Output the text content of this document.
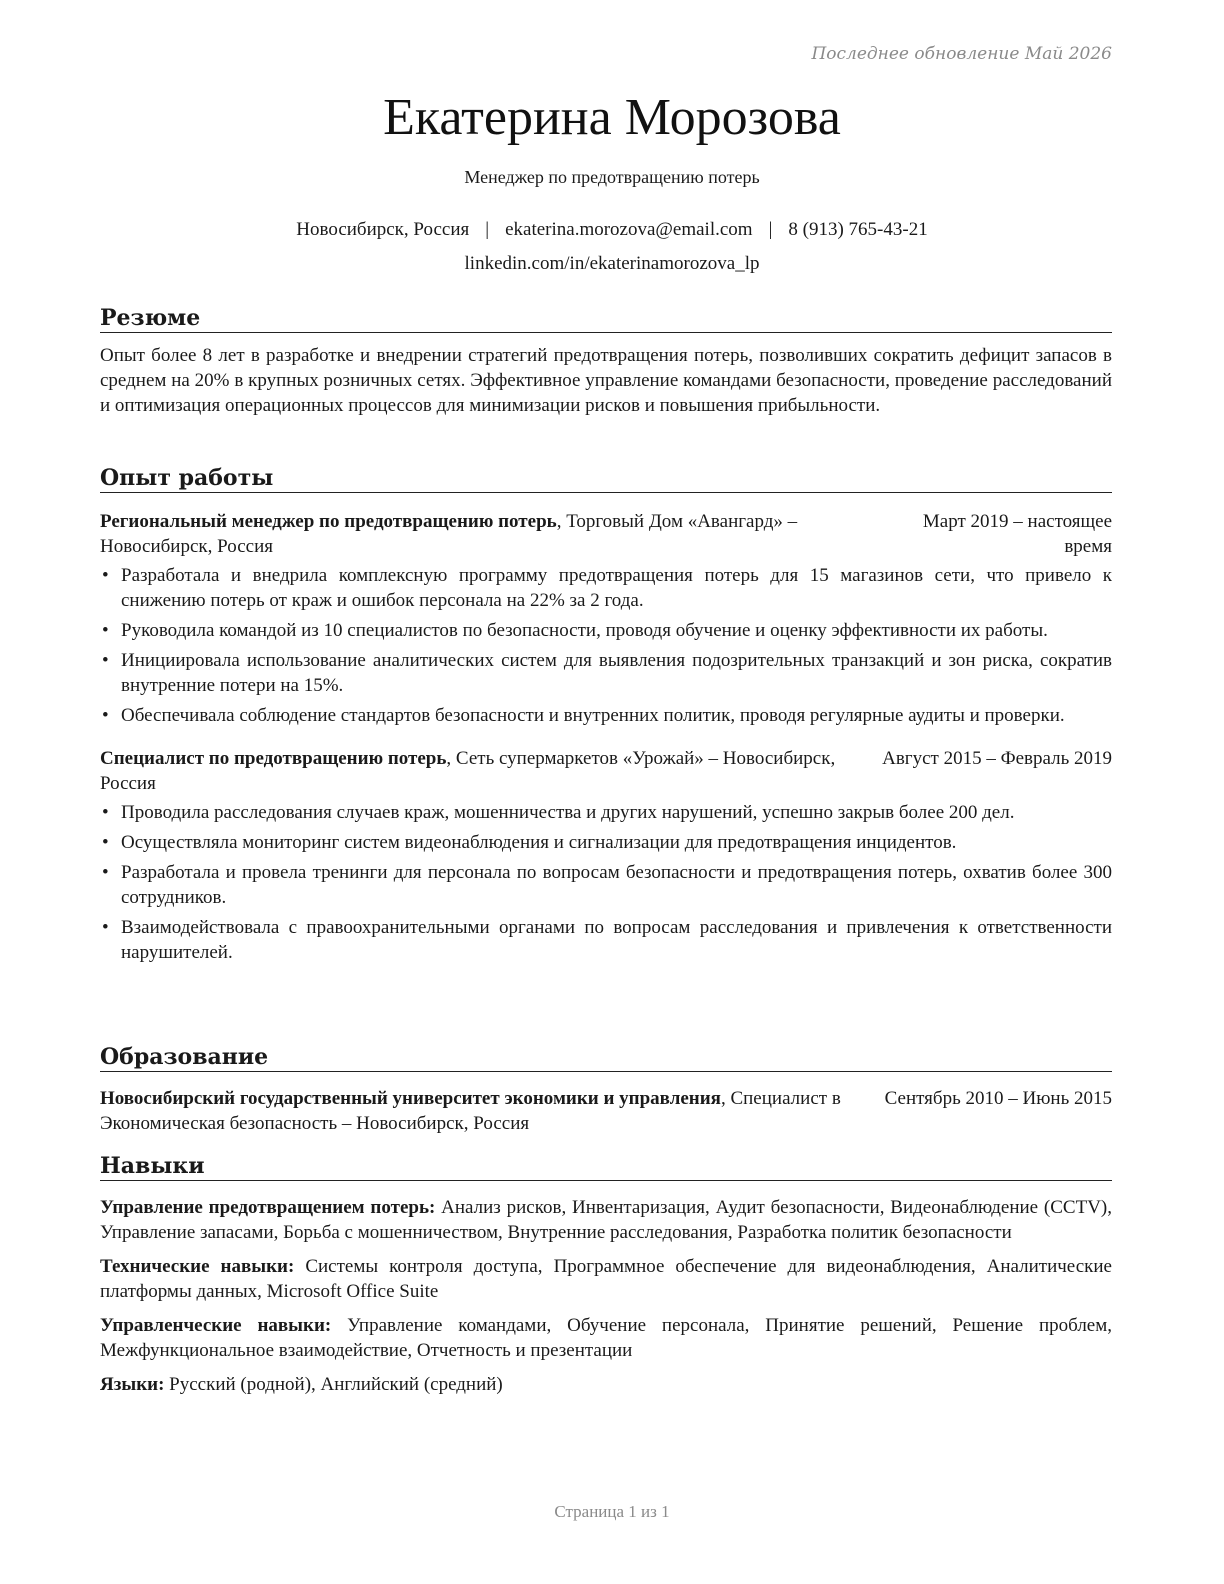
Последнее обновление Май 2026
Екатерина Морозова
Менеджер по предотвращению потерь
Новосибирск, Россия | ekaterina.morozova@email.com | 8 (913) 765-43-21
linkedin.com/in/ekaterinamorozova_lp
Резюме

Опыт более 8 лет в разработке и внедрении стратегий предотвращения потерь, позволивших сократить дефицит запасов в среднем на 20% в крупных розничных сетях. Эффективное управление командами безопасности, проведение расследований и оптимизация операционных процессов для минимизации рисков и повышения прибыльности.

Опыт работы
Региональный менеджер по предотвращению потерь, Торговый Дом «Авангард» – Новосибирск, Россия
Март 2019 – настоящее время
• Разработала и внедрила комплексную программу предотвращения потерь для 15 магазинов сети, что привело к снижению потерь от краж и ошибок персонала на 22% за 2 года.
• Руководила командой из 10 специалистов по безопасности, проводя обучение и оценку эффективности их работы.
• Инициировала использование аналитических систем для выявления подозрительных транзакций и зон риска, сократив внутренние потери на 15%.
• Обеспечивала соблюдение стандартов безопасности и внутренних политик, проводя регулярные аудиты и проверки.
Специалист по предотвращению потерь, Сеть супермаркетов «Урожай» – Новосибирск, Россия
Август 2015 – Февраль 2019
• Проводила расследования случаев краж, мошенничества и других нарушений, успешно закрыв более 200 дел.
• Осуществляла мониторинг систем видеонаблюдения и сигнализации для предотвращения инцидентов.
• Разработала и провела тренинги для персонала по вопросам безопасности и предотвращения потерь, охватив более 300 сотрудников.
• Взаимодействовала с правоохранительными органами по вопросам расследования и привлечения к ответственности нарушителей.
Образование
Новосибирский государственный университет экономики и управления, Специалист в Экономическая безопасность – Новосибирск, Россия
Сентябрь 2010 – Июнь 2015
Навыки

Управление предотвращением потерь: Анализ рисков, Инвентаризация, Аудит безопасности, Видеонаблюдение (CCTV), Управление запасами, Борьба с мошенничеством, Внутренние расследования, Разработка политик безопасности

Технические навыки: Системы контроля доступа, Программное обеспечение для видеонаблюдения, Аналитические платформы данных, Microsoft Office Suite

Управленческие навыки: Управление командами, Обучение персонала, Принятие решений, Решение проблем, Межфункциональное взаимодействие, Отчетность и презентации

Языки: Русский (родной), Английский (средний)

Страница 1 из 1
